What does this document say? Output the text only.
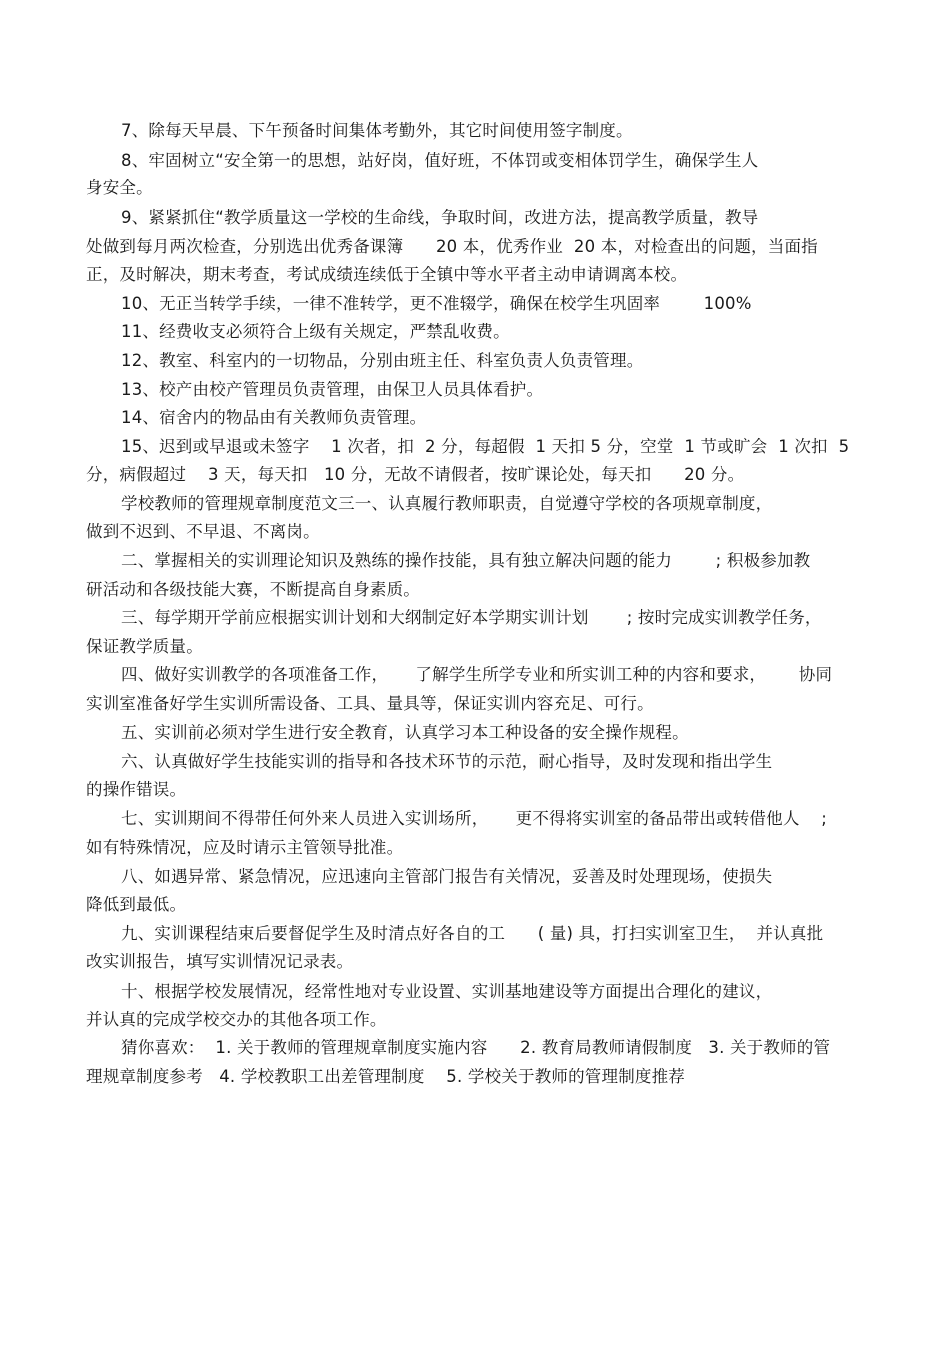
7、除每天早晨、下午预备时间集体考勤外，其它时间使用签字制度。
8、牢固树立“安全第一的思想，站好岗，值好班，不体罚或变相体罚学生，确保学生人
身安全。
9、紧紧抓住“教学质量这一学校的生命线，争取时间，改进方法，提高教学质量，教导
处做到每月两次检查，分别选出优秀备课簿      20 本，优秀作业  20 本，对检查出的问题，当面指
正，及时解决，期末考查，考试成绩连续低于全镇中等水平者主动申请调离本校。
10、无正当转学手续，一律不准转学，更不准辍学，确保在校学生巩固率        100%
11、经费收支必须符合上级有关规定，严禁乱收费。
12、教室、科室内的一切物品，分别由班主任、科室负责人负责管理。
13、校产由校产管理员负责管理，由保卫人员具体看护。
14、宿舍内的物品由有关教师负责管理。
15、迟到或早退或未签字    1 次者，扣  2 分，每超假  1 天扣 5 分，空堂  1 节或旷会  1 次扣  5
分，病假超过    3 天，每天扣   10 分，无故不请假者，按旷课论处，每天扣      20 分。
学校教师的管理规章制度范文三一、认真履行教师职责，自觉遵守学校的各项规章制度，
做到不迟到、不早退、不离岗。
二、掌握相关的实训理论知识及熟练的操作技能，具有独立解决问题的能力        ; 积极参加教
研活动和各级技能大赛，不断提高自身素质。
三、每学期开学前应根据实训计划和大纲制定好本学期实训计划       ; 按时完成实训教学任务，
保证教学质量。
四、做好实训教学的各项准备工作，     了解学生所学专业和所实训工种的内容和要求，      协同
实训室准备好学生实训所需设备、工具、量具等，保证实训内容充足、可行。
五、实训前必须对学生进行安全教育，认真学习本工种设备的安全操作规程。
六、认真做好学生技能实训的指导和各技术环节的示范，耐心指导，及时发现和指出学生
的操作错误。
七、实训期间不得带任何外来人员进入实训场所，     更不得将实训室的备品带出或转借他人    ;
如有特殊情况，应及时请示主管领导批准。
八、如遇异常、紧急情况，应迅速向主管部门报告有关情况，妥善及时处理现场，使损失
降低到最低。
九、实训课程结束后要督促学生及时清点好各自的工      ( 量) 具，打扫实训室卫生，  并认真批
改实训报告，填写实训情况记录表。
十、根据学校发展情况，经常性地对专业设置、实训基地建设等方面提出合理化的建议，
并认真的完成学校交办的其他各项工作。
猜你喜欢：  1. 关于教师的管理规章制度实施内容      2. 教育局教师请假制度   3. 关于教师的管
理规章制度参考   4. 学校教职工出差管理制度    5. 学校关于教师的管理制度推荐
